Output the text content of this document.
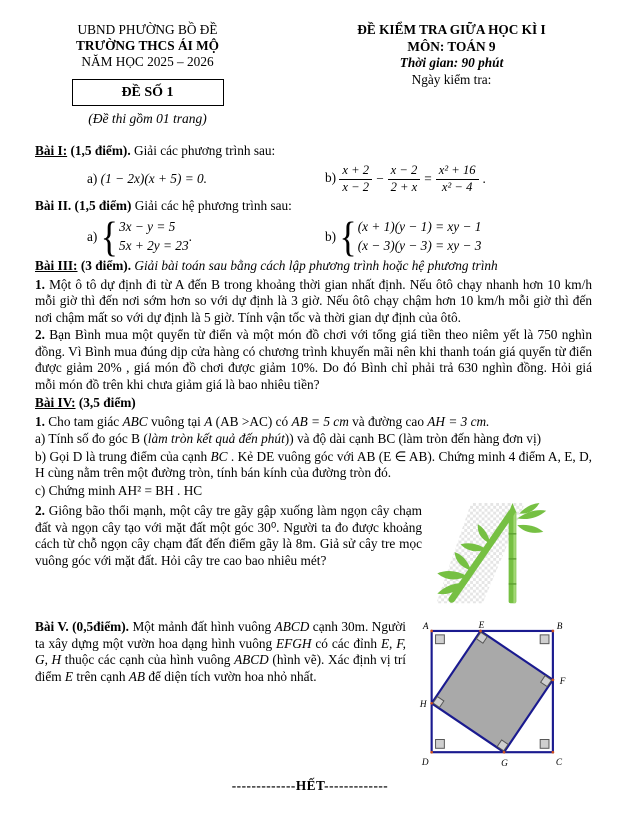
UBND PHƯỜNG BỒ ĐỀ
TRƯỜNG THCS ÁI MỘ
NĂM HỌC 2025 – 2026
ĐỀ SỐ 1
(Đề thi gồm 01 trang)
ĐỀ KIỂM TRA GIỮA HỌC KÌ I
MÔN: TOÁN 9
Thời gian: 90 phút
Ngày kiểm tra:

Bài I: (1,5 điểm). Giải các phương trình sau:

a) (1 − 2x)(x + 5) = 0.	$b) \frac{x + 2}{x - 2} - \frac{x - 2}{2 + x} = \frac{\text{x² + 16}}{\text{x² − 4}}$ .

Bài II. (1,5 điểm) Giải các hệ phương trình sau:

a)
{ 3x − y = 5
5x + 2y = 23
.	b)
{ (x + 1)(y − 1) = xy − 1
(x − 3)(y − 3) = xy − 3

Bài III: (3 điểm). Giải bài toán sau bằng cách lập phương trình hoặc hệ phương trình

1. Một ô tô dự định đi từ A đến B trong khoảng thời gian nhất định. Nếu ôtô chạy nhanh hơn 10 km/h mỗi giờ thì đến nơi sớm hơn so với dự định là 3 giờ. Nếu ôtô chạy chậm hơn 10 km/h mỗi giờ thì đến nơi chậm mất so với dự định là 5 giờ. Tính vận tốc và thời gian dự định của ôtô.

2. Bạn Bình mua một quyển từ điển và một món đồ chơi với tổng giá tiền theo niêm yết là 750 nghìn đồng. Vì Bình mua đúng dịp cửa hàng có chương trình khuyến mãi nên khi thanh toán giá quyển từ điển được giảm 20% , giá món đồ chơi được giảm 10%. Do đó Bình chỉ phải trả 630 nghìn đồng. Hỏi giá mỗi món đồ trên khi chưa giảm giá là bao nhiêu tiền?

Bài IV: (3,5 điểm)

1. Cho tam giác ABC vuông tại A (AB >AC) có AB = 5 cm và đường cao AH = 3 cm.

a) Tính số đo góc B (làm tròn kết quả đến phút)) và độ dài cạnh BC (làm tròn đến hàng đơn vị)

b) Gọi D là trung điểm của cạnh BC . Kẻ DE vuông góc với AB (E ∈ AB). Chứng minh 4 điểm A, E, D, H cùng nằm trên một đường tròn, tính bán kính của đường tròn đó.

c) Chứng minh AH² = BH . HC

2. Giông bão thổi mạnh, một cây tre gãy gập xuống làm ngọn cây chạm đất và ngọn cây tạo với mặt đất một góc 30⁰. Người ta đo được khoảng cách từ chỗ ngọn cây chạm đất đến điểm gãy là 8m. Giả sử cây tre mọc vuông góc với mặt đất. Hỏi cây tre cao bao nhiêu mét?
Bài V. (0,5điểm). Một mảnh đất hình vuông ABCD cạnh 30m. Người ta xây dựng một vườn hoa dạng hình vuông EFGH có các đỉnh E, F, G, H thuộc các cạnh của hình vuông ABCD (hình vẽ). Xác định vị trí điểm E trên cạnh AB để diện tích vườn hoa nhỏ nhất.
A	E	B
F
H
D	G	C
-------------HẾT-------------
